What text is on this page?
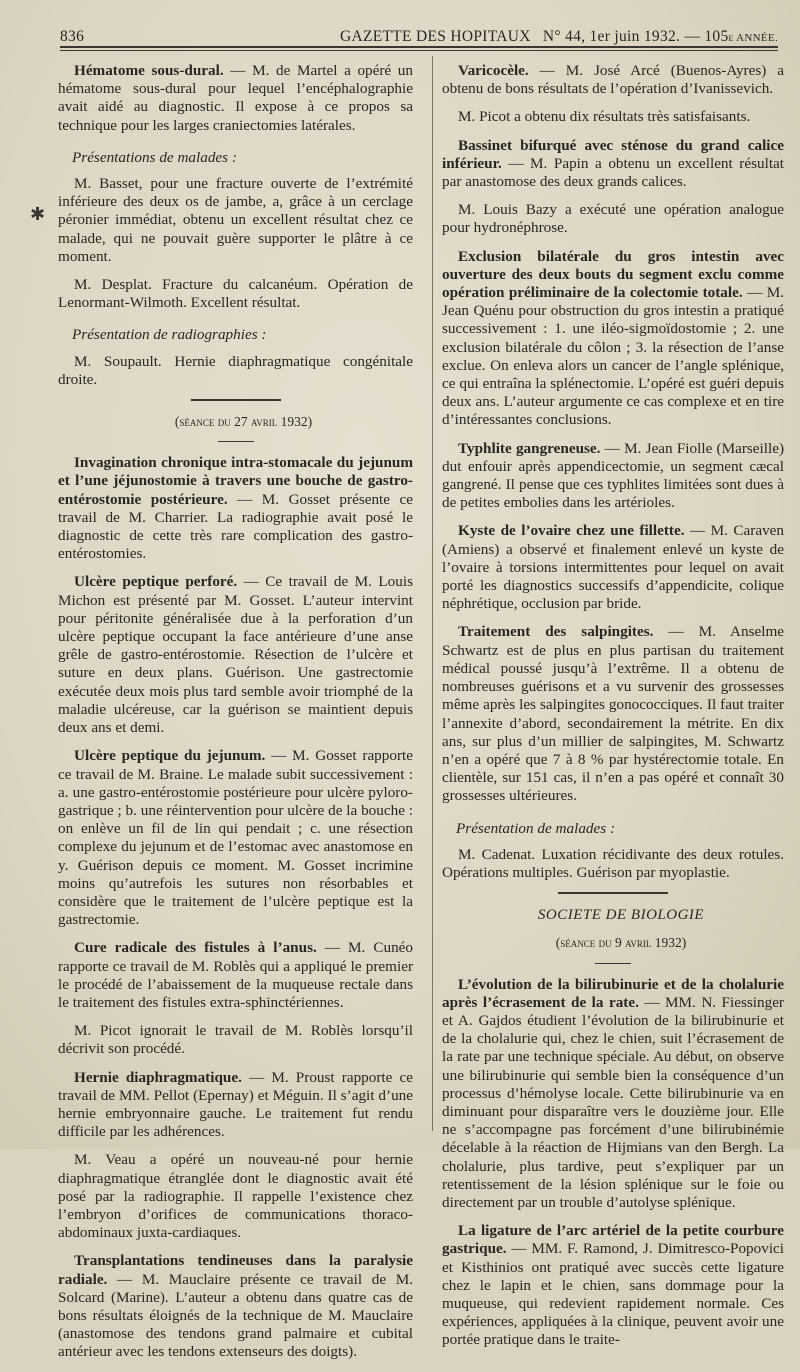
836	GAZETTE DES HOPITAUX N° 44, 1er juin 1932. — 105e ANNÉE.
✱

Hématome sous-dural. — M. de Martel a opéré un hématome sous-dural pour lequel l’encéphalographie avait aidé au diagnostic. Il expose à ce propos sa technique pour les larges craniectomies latérales.

Présentations de malades :

M. Basset, pour une fracture ouverte de l’extrémité inférieure des deux os de jambe, a, grâce à un cerclage péronier immédiat, obtenu un excellent résultat chez ce malade, qui ne pouvait guère supporter le plâtre à ce moment.

M. Desplat. Fracture du calcanéum. Opération de Lenormant-Wilmoth. Excellent résultat.

Présentation de radiographies :

M. Soupault. Hernie diaphragmatique congénitale droite.

(séance du 27 avril 1932)

Invagination chronique intra-stomacale du jejunum et l’une jéjunostomie à travers une bouche de gastro-entérostomie postérieure. — M. Gosset présente ce travail de M. Charrier. La radiographie avait posé le diagnostic de cette très rare complication des gastro-entérostomies.

Ulcère peptique perforé. — Ce travail de M. Louis Michon est présenté par M. Gosset. L’auteur intervint pour péritonite généralisée due à la perforation d’un ulcère peptique occupant la face antérieure d’une anse grêle de gastro-entérostomie. Résection de l’ulcère et suture en deux plans. Guérison. Une gastrectomie exécutée deux mois plus tard semble avoir triomphé de la maladie ulcéreuse, car la guérison se maintient depuis deux ans et demi.

Ulcère peptique du jejunum. — M. Gosset rapporte ce travail de M. Braine. Le malade subit successivement : a. une gastro-entérostomie postérieure pour ulcère pyloro-gastrique ; b. une réintervention pour ulcère de la bouche : on enlève un fil de lin qui pendait ; c. une résection complexe du jejunum et de l’estomac avec anastomose en y. Guérison depuis ce moment. M. Gosset incrimine moins qu’autrefois les sutures non résorbables et considère que le traitement de l’ulcère peptique est la gastrectomie.

Cure radicale des fistules à l’anus. — M. Cunéo rapporte ce travail de M. Roblès qui a appliqué le premier le procédé de l’abaissement de la muqueuse rectale dans le traitement des fistules extra-sphinctériennes.

M. Picot ignorait le travail de M. Roblès lorsqu’il décrivit son procédé.

Hernie diaphragmatique. — M. Proust rapporte ce travail de MM. Pellot (Epernay) et Méguin. Il s’agit d’une hernie embryonnaire gauche. Le traitement fut rendu difficile par les adhérences.

M. Veau a opéré un nouveau-né pour hernie diaphragmatique étranglée dont le diagnostic avait été posé par la radiographie. Il rappelle l’existence chez l’embryon d’orifices de communications thoraco-abdominaux juxta-cardiaques.

Transplantations tendineuses dans la paralysie radiale. — M. Mauclaire présente ce travail de M. Solcard (Marine). L’auteur a obtenu dans quatre cas de bons résultats éloignés de la technique de M. Mauclaire (anastomose des tendons grand palmaire et cubital antérieur avec les tendons extenseurs des doigts).

Varicocèle. — M. José Arcé (Buenos-Ayres) a obtenu de bons résultats de l’opération d’Ivanissevich.

M. Picot a obtenu dix résultats très satisfaisants.

Bassinet bifurqué avec sténose du grand calice inférieur. — M. Papin a obtenu un excellent résultat par anastomose des deux grands calices.

M. Louis Bazy a exécuté une opération analogue pour hydronéphrose.

Exclusion bilatérale du gros intestin avec ouverture des deux bouts du segment exclu comme opération préliminaire de la colectomie totale. — M. Jean Quénu pour obstruction du gros intestin a pratiqué successivement : 1. une iléo-sigmoïdostomie ; 2. une exclusion bilatérale du côlon ; 3. la résection de l’anse exclue. On enleva alors un cancer de l’angle splénique, ce qui entraîna la splénectomie. L’opéré est guéri depuis deux ans. L’auteur argumente ce cas complexe et en tire d’intéressantes conclusions.

Typhlite gangreneuse. — M. Jean Fiolle (Marseille) dut enfouir après appendicectomie, un segment cæcal gangrené. Il pense que ces typhlites limitées sont dues à de petites embolies dans les artérioles.

Kyste de l’ovaire chez une fillette. — M. Caraven (Amiens) a observé et finalement enlevé un kyste de l’ovaire à torsions intermittentes pour lequel on avait porté les diagnostics successifs d’appendicite, colique néphrétique, occlusion par bride.

Traitement des salpingites. — M. Anselme Schwartz est de plus en plus partisan du traitement médical poussé jusqu’à l’extrême. Il a obtenu de nombreuses guérisons et a vu survenir des grossesses même après les salpingites gonococciques. Il faut traiter l’annexite d’abord, secondairement la métrite. En dix ans, sur plus d’un millier de salpingites, M. Schwartz n’en a opéré que 7 à 8 % par hystérectomie totale. En clientèle, sur 151 cas, il n’en a pas opéré et connaît 30 grossesses ultérieures.

Présentation de malades :

M. Cadenat. Luxation récidivante des deux rotules. Opérations multiples. Guérison par myoplastie.

SOCIETE DE BIOLOGIE

(séance du 9 avril 1932)

L’évolution de la bilirubinurie et de la cholalurie après l’écrasement de la rate. — MM. N. Fiessinger et A. Gajdos étudient l’évolution de la bilirubinurie et de la cholalurie qui, chez le chien, suit l’écrasement de la rate par une technique spéciale. Au début, on observe une bilirubinurie qui semble bien la conséquence d’un processus d’hémolyse locale. Cette bilirubinurie va en diminuant pour disparaître vers le douzième jour. Elle ne s’accompagne pas forcément d’une bilirubinémie décelable à la réaction de Hijmians van den Bergh. La cholalurie, plus tardive, peut s’expliquer par un retentissement de la lésion splénique sur le foie ou directement par un trouble d’autolyse splénique.

La ligature de l’arc artériel de la petite courbure gastrique. — MM. F. Ramond, J. Dimitresco-Popovici et Kisthinios ont pratiqué avec succès cette ligature chez le lapin et le chien, sans dommage pour la muqueuse, qui redevient rapidement normale. Ces expériences, appliquées à la clinique, peuvent avoir une portée pratique dans le traite-
